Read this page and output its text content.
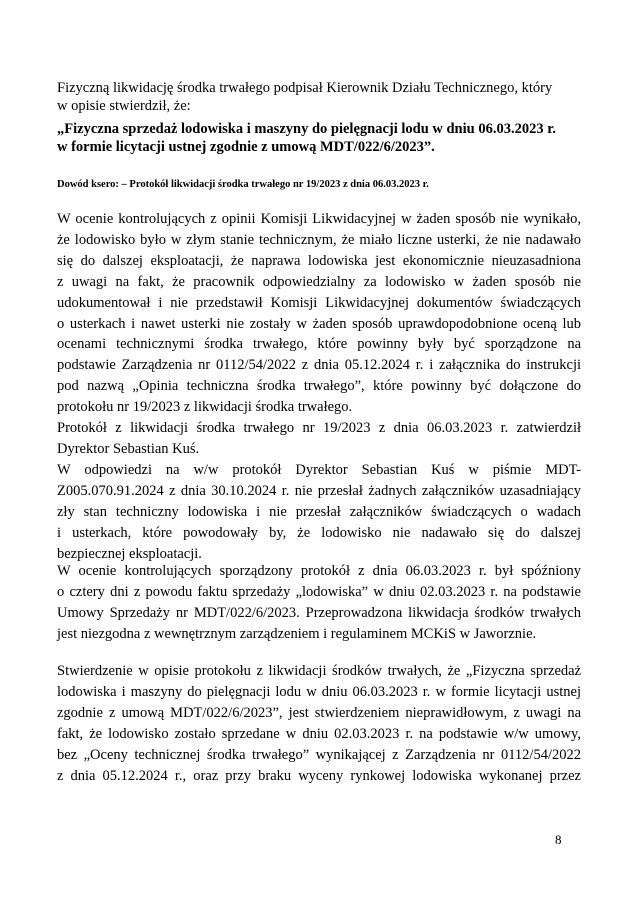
Fizyczną likwidację środka trwałego podpisał Kierownik Działu Technicznego, który

w opisie stwierdził, że:

„Fizyczna sprzedaż lodowiska i maszyny do pielęgnacji lodu w dniu 06.03.2023 r.

w formie licytacji ustnej zgodnie z umową MDT/022/6/2023”.

Dowód ksero: – Protokół likwidacji środka trwałego nr 19/2023 z dnia 06.03.2023 r.

W ocenie kontrolujących z opinii Komisji Likwidacyjnej w żaden sposób nie wynikało,

że lodowisko było w złym stanie technicznym, że miało liczne usterki, że nie nadawało

się do dalszej eksploatacji, że naprawa lodowiska jest ekonomicznie nieuzasadniona

z uwagi na fakt, że pracownik odpowiedzialny za lodowisko w żaden sposób nie

udokumentował i nie przedstawił Komisji Likwidacyjnej dokumentów świadczących

o usterkach i nawet usterki nie zostały w żaden sposób uprawdopodobnione oceną lub

ocenami technicznymi środka trwałego, które powinny były być sporządzone na

podstawie Zarządzenia nr 0112/54/2022 z dnia 05.12.2024 r. i załącznika do instrukcji

pod nazwą „Opinia techniczna środka trwałego”, które powinny być dołączone do

protokołu nr 19/2023 z likwidacji środka trwałego.

Protokół z likwidacji środka trwałego nr 19/2023 z dnia 06.03.2023 r. zatwierdził

Dyrektor Sebastian Kuś.

W odpowiedzi na w/w protokół Dyrektor Sebastian Kuś w piśmie MDT-

Z005.070.91.2024 z dnia 30.10.2024 r. nie przesłał żadnych załączników uzasadniający

zły stan techniczny lodowiska i nie przesłał załączników świadczących o wadach

i usterkach, które powodowały by, że lodowisko nie nadawało się do dalszej

bezpiecznej eksploatacji.

W ocenie kontrolujących sporządzony protokół z dnia 06.03.2023 r. był spóźniony

o cztery dni z powodu faktu sprzedaży „lodowiska” w dniu 02.03.2023 r. na podstawie

Umowy Sprzedaży nr MDT/022/6/2023. Przeprowadzona likwidacja środków trwałych

jest niezgodna z wewnętrznym zarządzeniem i regulaminem MCKiS w Jaworznie.

Stwierdzenie w opisie protokołu z likwidacji środków trwałych, że „Fizyczna sprzedaż

lodowiska i maszyny do pielęgnacji lodu w dniu 06.03.2023 r. w formie licytacji ustnej

zgodnie z umową MDT/022/6/2023”, jest stwierdzeniem nieprawidłowym, z uwagi na

fakt, że lodowisko zostało sprzedane w dniu 02.03.2023 r. na podstawie w/w umowy,

bez „Oceny technicznej środka trwałego” wynikającej z Zarządzenia nr 0112/54/2022

z dnia 05.12.2024 r., oraz przy braku wyceny rynkowej lodowiska wykonanej przez

8
